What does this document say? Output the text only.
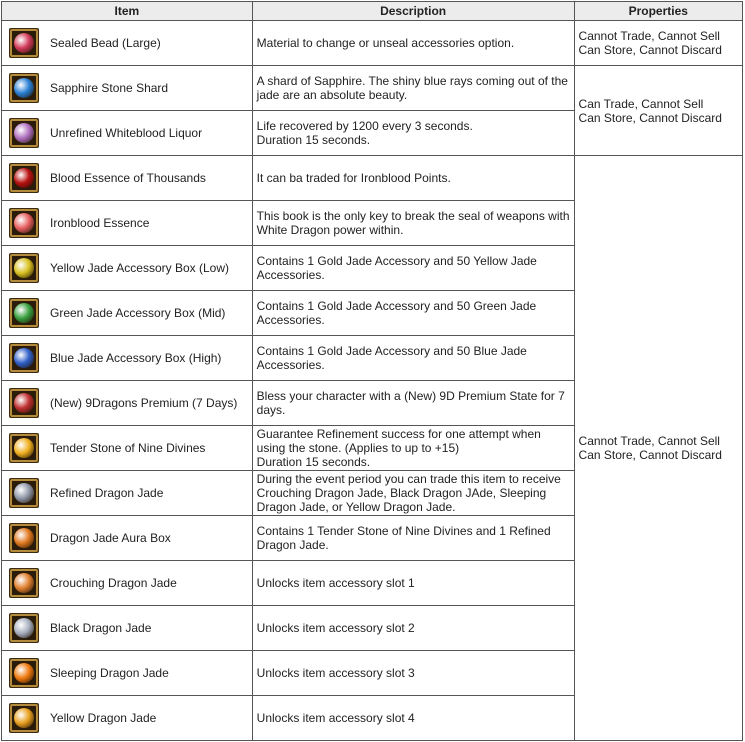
Item	Description	Properties

Sealed Bead (Large)	Material to change or unseal accessories option.	Cannot Trade, Cannot Sell
Can Store, Cannot Discard

Sapphire Stone Shard	A shard of Sapphire. The shiny blue rays coming out of the jade are an absolute beauty.	Can Trade, Cannot Sell
Can Store, Cannot Discard

Unrefined Whiteblood Liquor	Life recovered by 1200 every 3 seconds.
Duration 15 seconds.	

Blood Essence of Thousands	It can ba traded for Ironblood Points.	Cannot Trade, Cannot Sell
Can Store, Cannot Discard

Ironblood Essence	This book is the only key to break the seal of weapons with White Dragon power within.	

Yellow Jade Accessory Box (Low)	Contains 1 Gold Jade Accessory and 50 Yellow Jade Accessories.	

Green Jade Accessory Box (Mid)	Contains 1 Gold Jade Accessory and 50 Green Jade Accessories.	

Blue Jade Accessory Box (High)	Contains 1 Gold Jade Accessory and 50 Blue Jade Accessories.	

(New) 9Dragons Premium (7 Days)	Bless your character with a (New) 9D Premium State for 7 days.	

Tender Stone of Nine Divines	Guarantee Refinement success for one attempt when using the stone. (Applies to up to +15)
Duration 15 seconds.	

Refined Dragon Jade	During the event period you can trade this item to receive Crouching Dragon Jade, Black Dragon JAde, Sleeping Dragon Jade, or Yellow Dragon Jade.	

Dragon Jade Aura Box	Contains 1 Tender Stone of Nine Divines and 1 Refined Dragon Jade.	

Crouching Dragon Jade	Unlocks item accessory slot 1	

Black Dragon Jade	Unlocks item accessory slot 2	

Sleeping Dragon Jade	Unlocks item accessory slot 3	

Yellow Dragon Jade	Unlocks item accessory slot 4	
